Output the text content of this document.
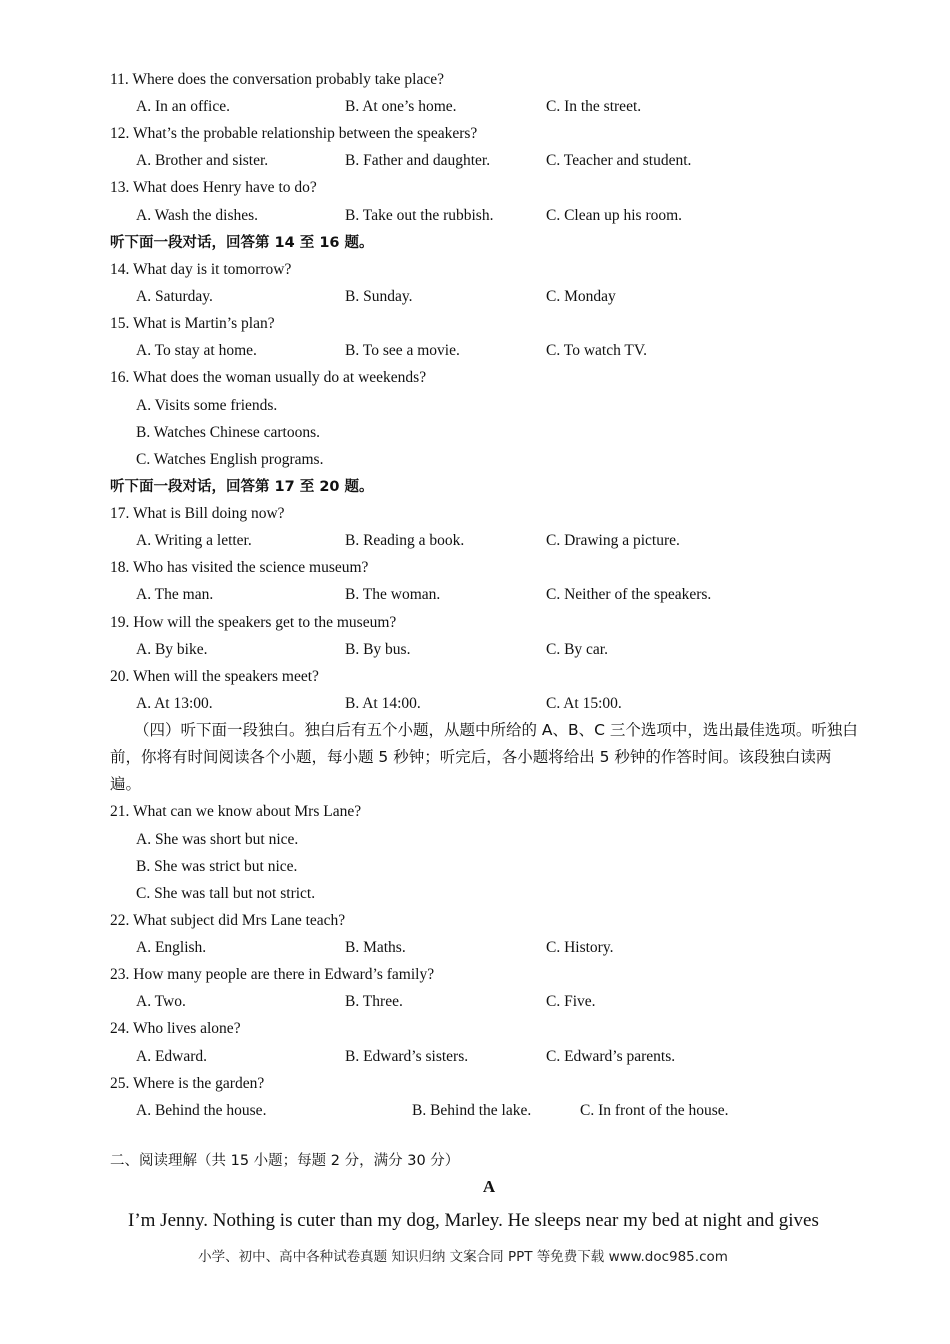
11. Where does the conversation probably take place?
A. In an office.	B. At one’s home.	C. In the street.
12. What’s the probable relationship between the speakers?
A. Brother and sister.	B. Father and daughter.	C. Teacher and student.
13. What does Henry have to do?
A. Wash the dishes.	B. Take out the rubbish.	C. Clean up his room.
听下面一段对话，回答第 14 至 16 题。
14. What day is it tomorrow?
A. Saturday.	B. Sunday.	C. Monday
15. What is Martin’s plan?
A. To stay at home.	B. To see a movie.	C. To watch TV.
16. What does the woman usually do at weekends?
A. Visits some friends.
B. Watches Chinese cartoons.
C. Watches English programs.
听下面一段对话，回答第 17 至 20 题。
17. What is Bill doing now?
A. Writing a letter.	B. Reading a book.	C. Drawing a picture.
18. Who has visited the science museum?
A. The man.	B. The woman.	C. Neither of the speakers.
19. How will the speakers get to the museum?
A. By bike.	B. By bus.	C. By car.
20. When will the speakers meet?
A. At 13:00.	B. At 14:00.	C. At 15:00.
（四）听下面一段独白。独白后有五个小题，从题中所给的 A、B、C 三个选项中，选出最佳选项。听独白前，你将有时间阅读各个小题，每小题 5 秒钟；听完后，各小题将给出 5 秒钟的作答时间。该段独白读两遍。
21. What can we know about Mrs Lane?
A. She was short but nice.
B. She was strict but nice.
C. She was tall but not strict.
22. What subject did Mrs Lane teach?
A. English.	B. Maths.	C. History.
23. How many people are there in Edward’s family?
A. Two.	B. Three.	C. Five.
24. Who lives alone?
A. Edward.	B. Edward’s sisters.	C. Edward’s parents.
25. Where is the garden?
A. Behind the house.	B. Behind the lake.	C. In front of the house.
二、阅读理解（共 15 小题；每题 2 分，满分 30 分）
A
I’m Jenny. Nothing is cuter than my dog, Marley. He sleeps near my bed at night and gives
小学、初中、高中各种试卷真题 知识归纳 文案合同 PPT 等免费下载 www.doc985.com
